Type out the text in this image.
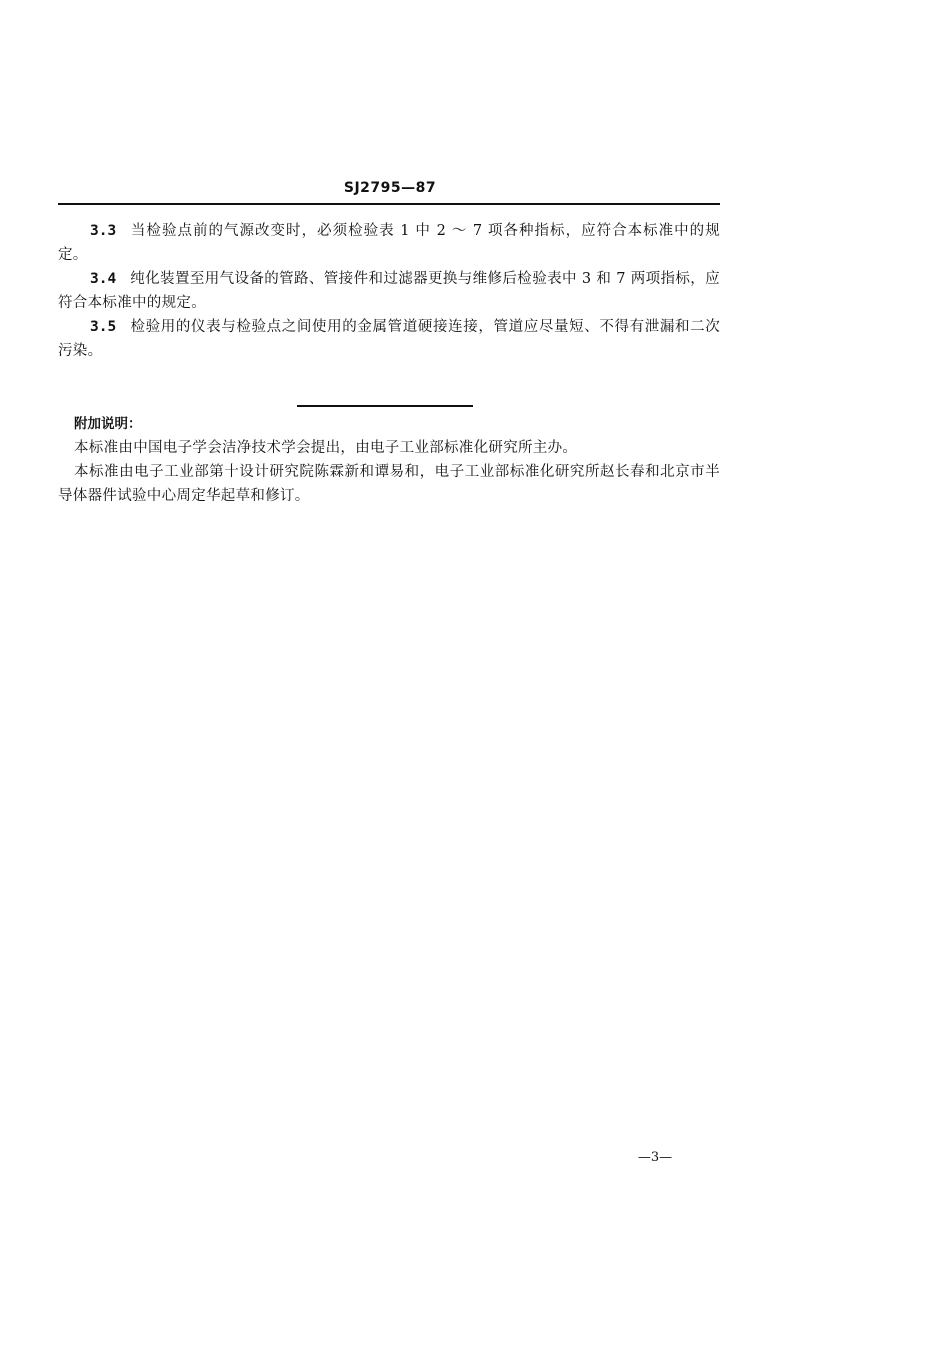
SJ2795—87

3.3 当检验点前的气源改变时，必须检验表 1 中 2 ～ 7 项各种指标，应符合本标准中的规定。

3.4 纯化装置至用气设备的管路、管接件和过滤器更换与维修后检验表中 3 和 7 两项指标，应符合本标准中的规定。

3.5 检验用的仪表与检验点之间使用的金属管道硬接连接，管道应尽量短、不得有泄漏和二次污染。

附加说明：

本标准由中国电子学会洁净技术学会提出，由电子工业部标准化研究所主办。

本标准由电子工业部第十设计研究院陈霖新和谭易和，电子工业部标准化研究所赵长春和北京市半导体器件试验中心周定华起草和修订。

—3—
